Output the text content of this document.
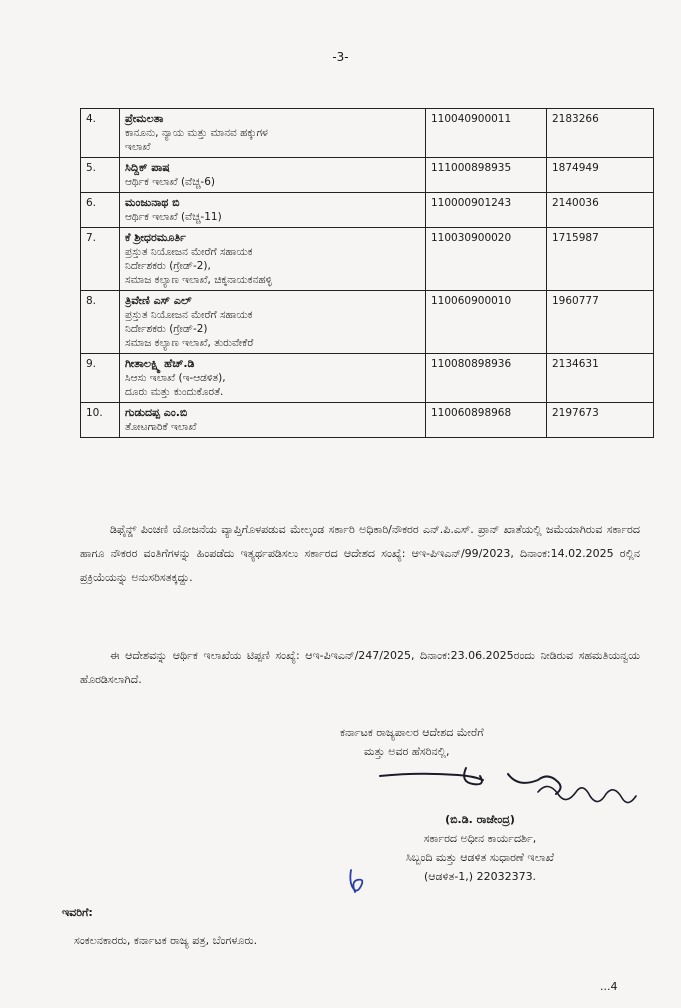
-3-
4.	ಪ್ರೇಮಲತಾ
ಕಾನೂನು, ನ್ಯಾಯ ಮತ್ತು ಮಾನವ ಹಕ್ಕುಗಳ
ಇಲಾಖೆ	110040900011	2183266
5.	ಸಿದ್ದಿಕ್ ಪಾಷ
ಆರ್ಥಿಕ ಇಲಾಖೆ (ವೆಚ್ಚ-6)	111000898935	1874949
6.	ಮಂಜುನಾಥ ಬಿ
ಆರ್ಥಿಕ ಇಲಾಖೆ (ವೆಚ್ಚ-11)	110000901243	2140036
7.	ಕೆ ಶ್ರೀಧರಮೂರ್ತಿ
ಪ್ರಸ್ತುತ ನಿಯೋಜನ ಮೇರೆಗೆ ಸಹಾಯಕ
ನಿರ್ದೇಶಕರು (ಗ್ರೇಡ್-2),
ಸಮಾಜ ಕಲ್ಯಾಣ ಇಲಾಖೆ, ಚಿಕ್ಕನಾಯಕನಹಳ್ಳಿ	110030900020	1715987
8.	ತ್ರಿವೇಣಿ ಎಸ್ ಎಲ್
ಪ್ರಸ್ತುತ ನಿಯೋಜನ ಮೇರೆಗೆ ಸಹಾಯಕ
ನಿರ್ದೇಶಕರು (ಗ್ರೇಡ್-2)
ಸಮಾಜ ಕಲ್ಯಾಣ ಇಲಾಖೆ, ತುರುವೇಕೆರೆ	110060900010	1960777
9.	ಗೀತಾಲಕ್ಷ್ಮಿ ಹೆಚ್.ಡಿ
ಸಿಆಸು ಇಲಾಖೆ (ಇ-ಆಡಳಿತ),
ದೂರು ಮತ್ತು ಕುಂದುಕೊರತೆ.	110080898936	2134631
10.	ಗುಡುದಪ್ಪ ಎಂ.ಬಿ
ತೋಟಗಾರಿಕೆ ಇಲಾಖೆ	110060898968	2197673
ಡಿಫೈನ್ಡ್ ಪಿಂಚಣಿ ಯೋಜನೆಯ ವ್ಯಾಪ್ತಿಗೊಳಪಡುವ ಮೇಲ್ಕಂಡ ಸರ್ಕಾರಿ ಅಧಿಕಾರಿ/ನೌಕರರ ಎನ್.ಪಿ.ಎಸ್. ಪ್ರಾನ್ ಖಾತೆಯಲ್ಲಿ ಜಮೆಯಾಗಿರುವ ಸರ್ಕಾರದ ಹಾಗೂ ನೌಕರರ ವಂತಿಗೆಗಳನ್ನು ಹಿಂಪಡೆದು ಇತ್ಯರ್ಥಪಡಿಸಲು ಸರ್ಕಾರದ ಆದೇಶದ ಸಂಖ್ಯೆ: ಆಇ-ಪಿಇಎನ್/99/2023, ದಿನಾಂಕ:14.02.2025 ರಲ್ಲಿನ ಪ್ರಕ್ರಿಯೆಯನ್ನು ಅನುಸರಿಸತಕ್ಕದ್ದು.
ಈ ಆದೇಶವನ್ನು ಆರ್ಥಿಕ ಇಲಾಖೆಯ ಟಿಪ್ಪಣಿ ಸಂಖ್ಯೆ: ಆಇ-ಪಿಇಎನ್/247/2025, ದಿನಾಂಕ:23.06.2025ರಂದು ನೀಡಿರುವ ಸಹಮತಿಯನ್ವಯ ಹೊರಡಿಸಲಾಗಿದೆ.
ಕರ್ನಾಟಕ ರಾಜ್ಯಪಾಲರ ಆದೇಶದ ಮೇರೆಗೆ
ಮತ್ತು ಅವರ ಹೆಸರಿನಲ್ಲಿ,
(ಬಿ.ಡಿ. ರಾಜೇಂದ್ರ)
ಸರ್ಕಾರದ ಅಧೀನ ಕಾರ್ಯದರ್ಶಿ,
ಸಿಬ್ಬಂದಿ ಮತ್ತು ಆಡಳಿತ ಸುಧಾರಣೆ ಇಲಾಖೆ
(ಆಡಳಿತ-1,) 22032373.
ಇವರಿಗೆ:
ಸಂಕಲನಕಾರರು, ಕರ್ನಾಟಕ ರಾಜ್ಯ ಪತ್ರ, ಬೆಂಗಳೂರು.
...4
